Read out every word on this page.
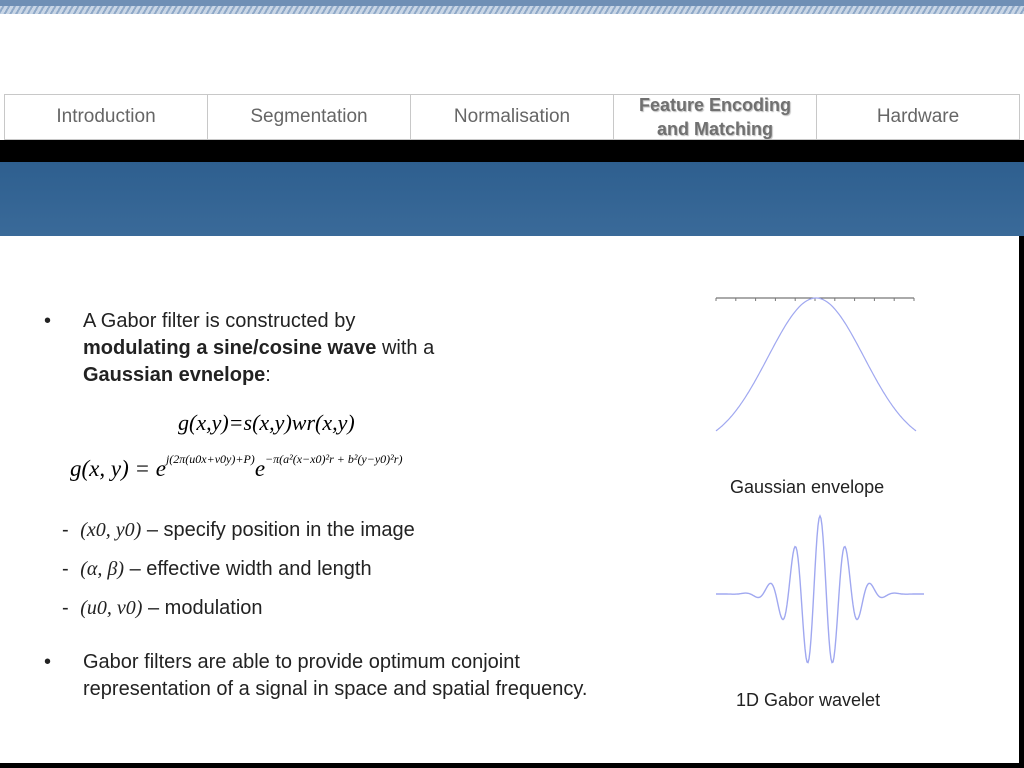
Introduction	Segmentation	Normalisation
Feature Encoding and Matching
Hardware
• A Gabor filter is constructed by
modulating a sine/cosine wave with a
Gaussian evnelope:
g(x,y)=s(x,y)wr(x,y)
g(x, $y) = e^{j(2\pi(u0x+v0y)+P)}e^{-\pi(a^2(x-x0)^2r + b^2(y-y0)^2r)}$
- (x0, y0) – specify position in the image
- (α, β) – effective width and length
- (u0, v0) – modulation
• Gabor filters are able to provide optimum conjoint representation of a signal in space and spatial frequency.
Gaussian envelope
1D Gabor wavelet
